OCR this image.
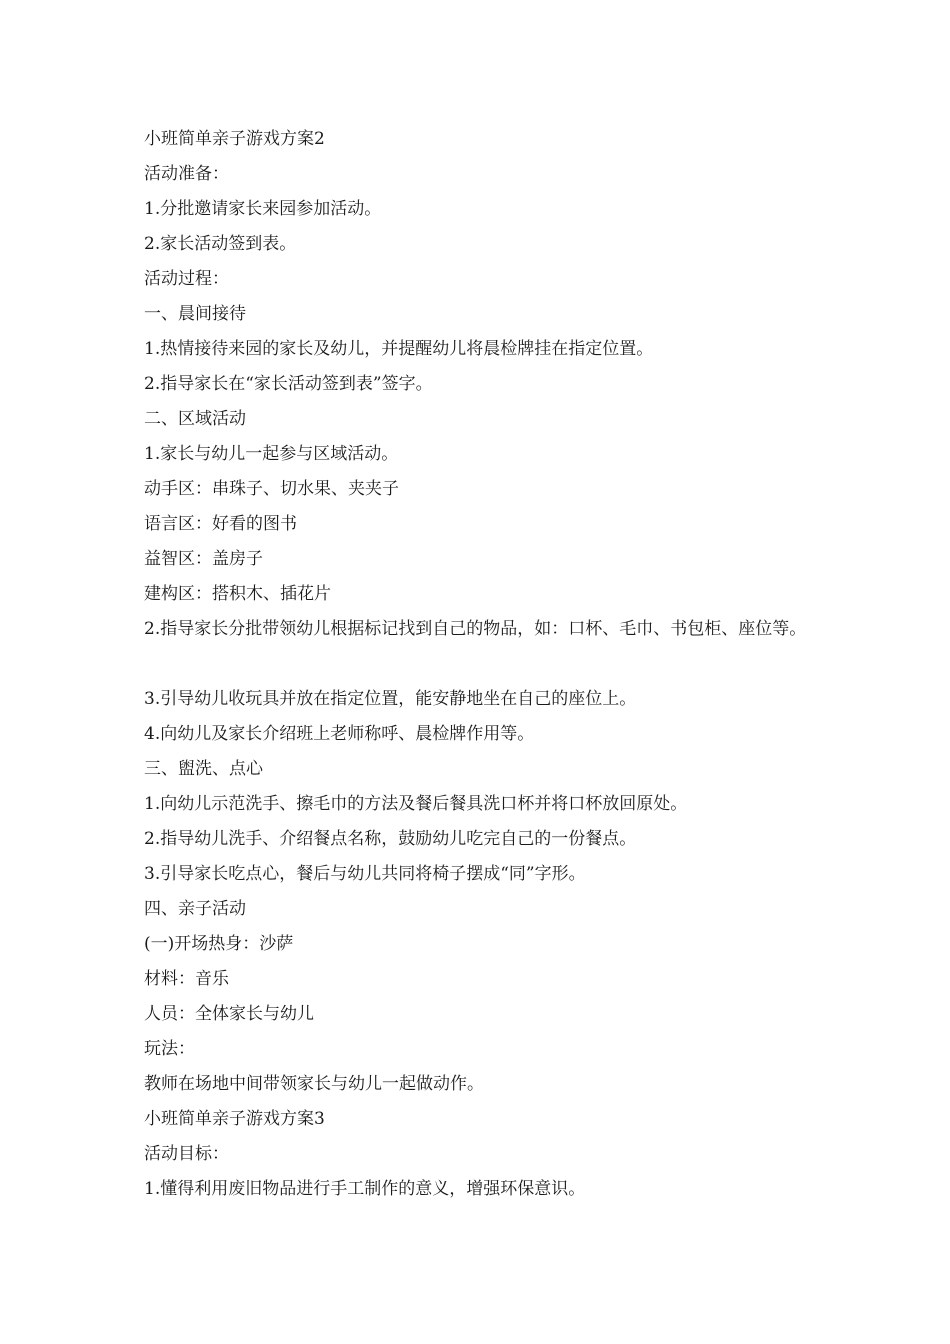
小班简单亲子游戏方案2
活动准备：
1.分批邀请家长来园参加活动。
2.家长活动签到表。
活动过程：
一、晨间接待
1.热情接待来园的家长及幼儿，并提醒幼儿将晨检牌挂在指定位置。
2.指导家长在“家长活动签到表”签字。
二、区域活动
1.家长与幼儿一起参与区域活动。
动手区：串珠子、切水果、夹夹子
语言区：好看的图书
益智区：盖房子
建构区：搭积木、插花片
2.指导家长分批带领幼儿根据标记找到自己的物品，如：口杯、毛巾、书包柜、座位等。
3.引导幼儿收玩具并放在指定位置，能安静地坐在自己的座位上。
4.向幼儿及家长介绍班上老师称呼、晨检牌作用等。
三、盥洗、点心
1.向幼儿示范洗手、擦毛巾的方法及餐后餐具洗口杯并将口杯放回原处。
2.指导幼儿洗手、介绍餐点名称，鼓励幼儿吃完自己的一份餐点。
3.引导家长吃点心，餐后与幼儿共同将椅子摆成“同”字形。
四、亲子活动
(一)开场热身：沙萨
材料：音乐
人员：全体家长与幼儿
玩法：
教师在场地中间带领家长与幼儿一起做动作。
小班简单亲子游戏方案3
活动目标：
1.懂得利用废旧物品进行手工制作的意义，增强环保意识。
